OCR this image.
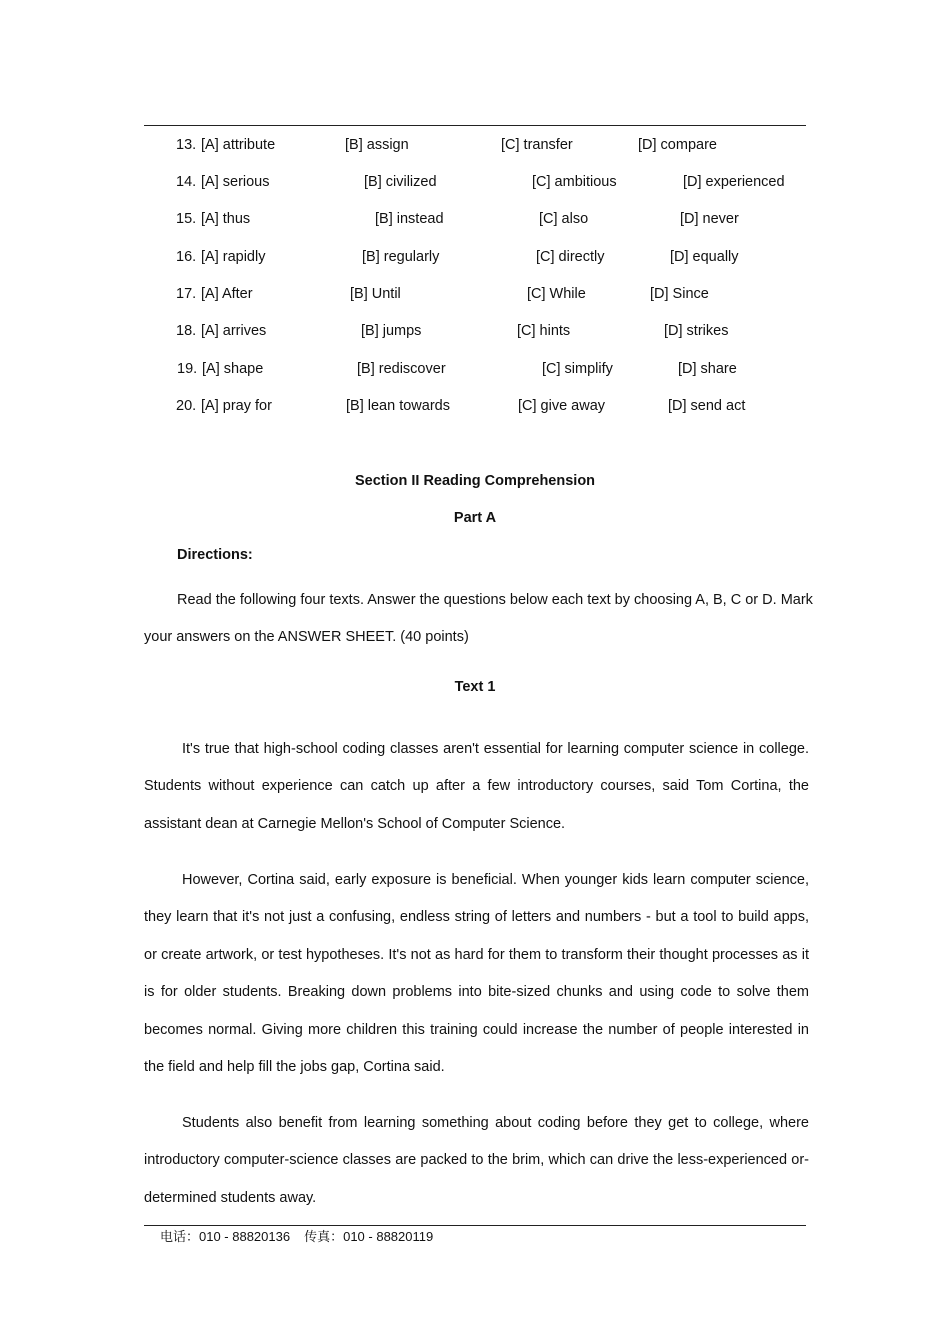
13. [A] attribute	[B] assign	[C] transfer	[D] compare
14. [A] serious	[B] civilized	[C] ambitious	[D] experienced
15. [A] thus	[B] instead	[C] also	[D] never
16. [A] rapidly	[B] regularly	[C] directly	[D] equally
17. [A] After	[B] Until	[C] While	[D] Since
18. [A] arrives	[B] jumps	[C] hints	[D] strikes
19. [A] shape	[B] rediscover	[C] simplify	[D] share
20. [A] pray for	[B] lean towards	[C] give away	[D] send act
Section II Reading Comprehension
Part A
Directions:

Read the following four texts. Answer the questions below each text by choosing A, B, C or D. Mark your answers on the ANSWER SHEET. (40 points)

Text 1

It's true that high-school coding classes aren't essential for learning computer science in college. Students without experience can catch up after a few introductory courses, said Tom Cortina, the assistant dean at Carnegie Mellon's School of Computer Science.

However, Cortina said, early exposure is beneficial. When younger kids learn computer science, they learn that it's not just a confusing, endless string of letters and numbers - but a tool to build apps, or create artwork, or test hypotheses. It's not as hard for them to transform their thought processes as it is for older students. Breaking down problems into bite-sized chunks and using code to solve them becomes normal. Giving more children this training could increase the number of people interested in the field and help fill the jobs gap, Cortina said.

Students also benefit from learning something about coding before they get to college, where introductory computer-science classes are packed to the brim, which can drive the less-experienced or-determined students away.

电话：010 - 88820136 传真：010 - 88820119
